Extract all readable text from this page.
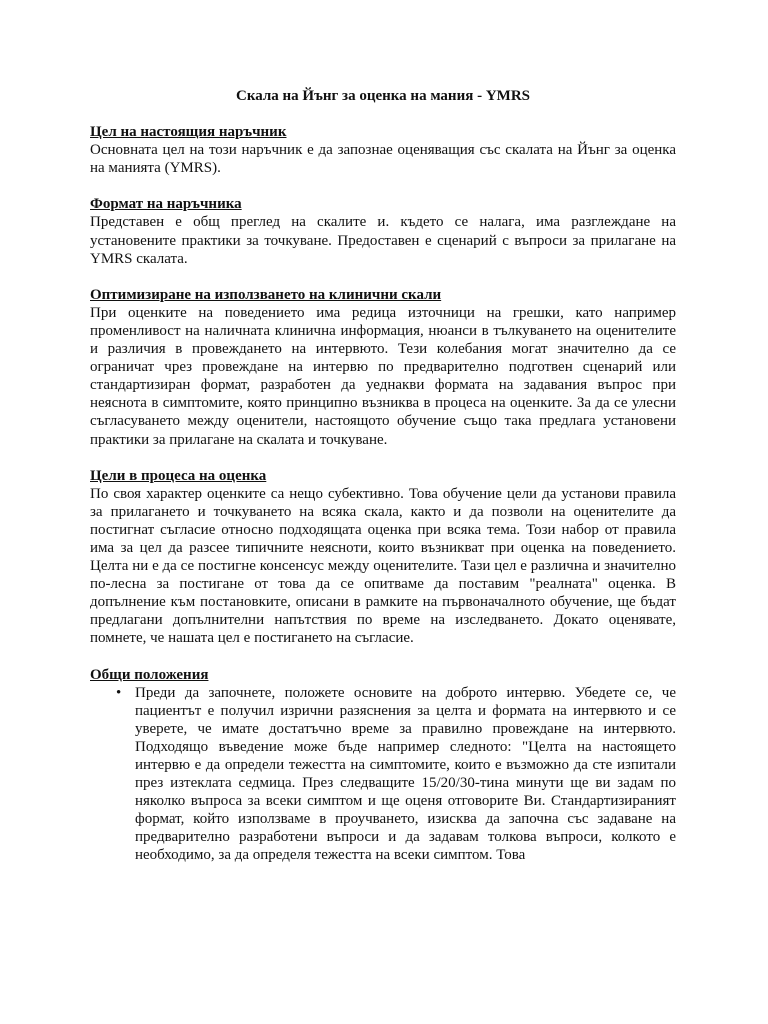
Скала на Йънг за оценка на мания - YMRS

Цел на настоящия наръчник

Основната цел на този наръчник е да запознае оценяващия със скалата на Йънг за оценка на манията (YMRS).

Формат на наръчника

Представен е общ преглед на скалите и. където се налага, има разглеждане на установените практики за точкуване. Предоставен е сценарий с въпроси за прилагане на YMRS скалата.

Оптимизиране на използването на клинични скали

При оценките на поведението има редица източници на грешки, като например променливост на наличната клинична информация, нюанси в тълкуването на оценителите и различия в провеждането на интервюто. Тези колебания могат значително да се ограничат чрез провеждане на интервю по предварително подготвен сценарий или стандартизиран формат, разработен да уеднакви формата на задавания въпрос при неяснота в симптомите, която принципно възниква в процеса на оценките. За да се улесни съгласуването между оценители, настоящото обучение също така предлага установени практики за прилагане на скалата и точкуване.

Цели в процеса на оценка

По своя характер оценките са нещо субективно. Това обучение цели да установи правила за прилагането и точкуването на всяка скала, както и да позволи на оценителите да постигнат съгласие относно подходящата оценка при всяка тема. Този набор от правила има за цел да разсее типичните неясноти, които възникват при оценка на поведението. Целта ни е да се постигне консенсус между оценителите. Тази цел е различна и значително по-лесна за постигане от това да се опитваме да поставим "реалната" оценка. В допълнение към постановките, описани в рамките на първоначалното обучение, ще бъдат предлагани допълнителни напътствия по време на изследването. Докато оценявате, помнете, че нашата цел е постигането на съгласие.

Общи положения

• Преди да започнете, положете основите на доброто интервю. Убедете се, че пациентът е получил изрични разяснения за целта и формата на интервюто и се уверете, че имате достатъчно време за правилно провеждане на интервюто. Подходящо въведение може бъде например следното: "Целта на настоящето интервю е да определи тежестта на симптомите, които е възможно да сте изпитали през изтеклата седмица. През следващите 15/20/30-тина минути ще ви задам по няколко въпроса за всеки симптом и ще оценя отговорите Ви. Стандартизираният формат, който използваме в проучването, изисква да започна със задаване на предварително разработени въпроси и да задавам толкова въпроси, колкото е необходимо, за да определя тежестта на всеки симптом. Това
